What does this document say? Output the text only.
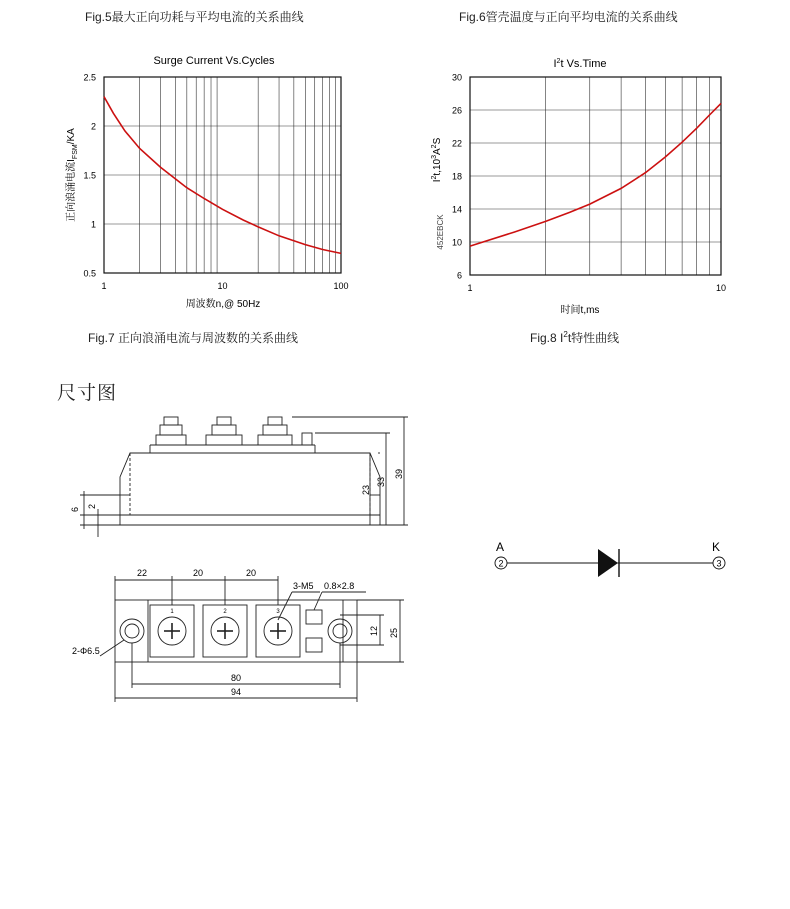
Fig.5最大正向功耗与平均电流的关系曲线	Fig.6管壳温度与正向平均电流的关系曲线
Fig.7 正向浪涌电流与周波数的关系曲线	Fig.8 $I^2t$特性曲线
尺寸图
Surge Current Vs.Cycles
0.5
1
1.5
2
2.5
1	10	100
周波数n,@ 50Hz
正向浪涌电流$I_{FSM}/KA$
$I^2t$ Vs.Time
6
10
14
18
22
26
30
1	10
时间t,ms
$I^2t,10^3A^2S$
452EBCK
6
2
23
33
39
22	20	20
3-M5 0.8×2.8
2-Φ6.5
80
94
12 25
1	2	3
A	K
2	3
